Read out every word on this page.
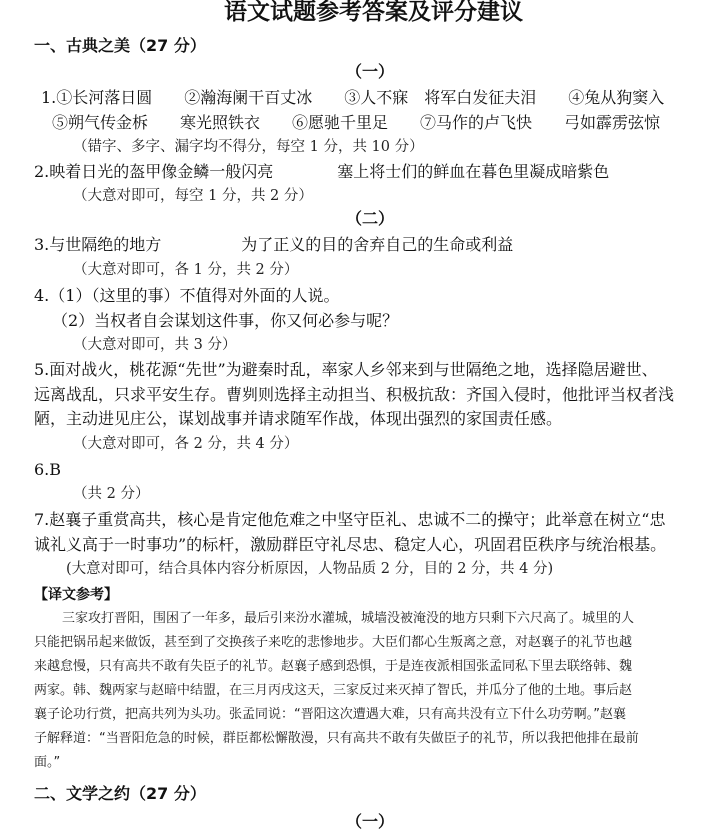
语文试题参考答案及评分建议
一、古典之美（27 分）
（一）
1.①长河落日圆　　②瀚海阑干百丈冰　　③人不寐　将军白发征夫泪　　④兔从狗窦入
⑤朔气传金柝　　寒光照铁衣　　⑥愿驰千里足　　⑦马作的卢飞快　　弓如霹雳弦惊
（错字、多字、漏字均不得分，每空 1 分，共 10 分）
2.映着日光的盔甲像金鳞一般闪亮　　　　塞上将士们的鲜血在暮色里凝成暗紫色
（大意对即可，每空 1 分，共 2 分）
（二）
3.与世隔绝的地方　　　　　为了正义的目的舍弃自己的生命或利益
（大意对即可，各 1 分，共 2 分）
4.（1）（这里的事）不值得对外面的人说。
（2）当权者自会谋划这件事，你又何必参与呢？
（大意对即可，共 3 分）
5.面对战火，桃花源“先世”为避秦时乱，率家人乡邻来到与世隔绝之地，选择隐居避世、
远离战乱，只求平安生存。曹刿则选择主动担当、积极抗敌：齐国入侵时，他批评当权者浅
陋，主动进见庄公，谋划战事并请求随军作战，体现出强烈的家国责任感。
（大意对即可，各 2 分，共 4 分）
6.B
（共 2 分）
7.赵襄子重赏高共，核心是肯定他危难之中坚守臣礼、忠诚不二的操守；此举意在树立“忠
诚礼义高于一时事功”的标杆，激励群臣守礼尽忠、稳定人心，巩固君臣秩序与统治根基。
(大意对即可，结合具体内容分析原因，人物品质 2 分，目的 2 分，共 4 分)
【译文参考】
三家攻打晋阳，围困了一年多，最后引来汾水灌城，城墙没被淹没的地方只剩下六尺高了。城里的人
只能把锅吊起来做饭，甚至到了交换孩子来吃的悲惨地步。大臣们都心生叛离之意，对赵襄子的礼节也越
来越怠慢，只有高共不敢有失臣子的礼节。赵襄子感到恐惧，于是连夜派相国张孟同私下里去联络韩、魏
两家。韩、魏两家与赵暗中结盟，在三月丙戌这天，三家反过来灭掉了智氏，并瓜分了他的土地。事后赵
襄子论功行赏，把高共列为头功。张孟同说：“晋阳这次遭遇大难，只有高共没有立下什么功劳啊。”赵襄
子解释道：“当晋阳危急的时候，群臣都松懈散漫，只有高共不敢有失做臣子的礼节，所以我把他排在最前
面。”
二、文学之约（27 分）
（一）
